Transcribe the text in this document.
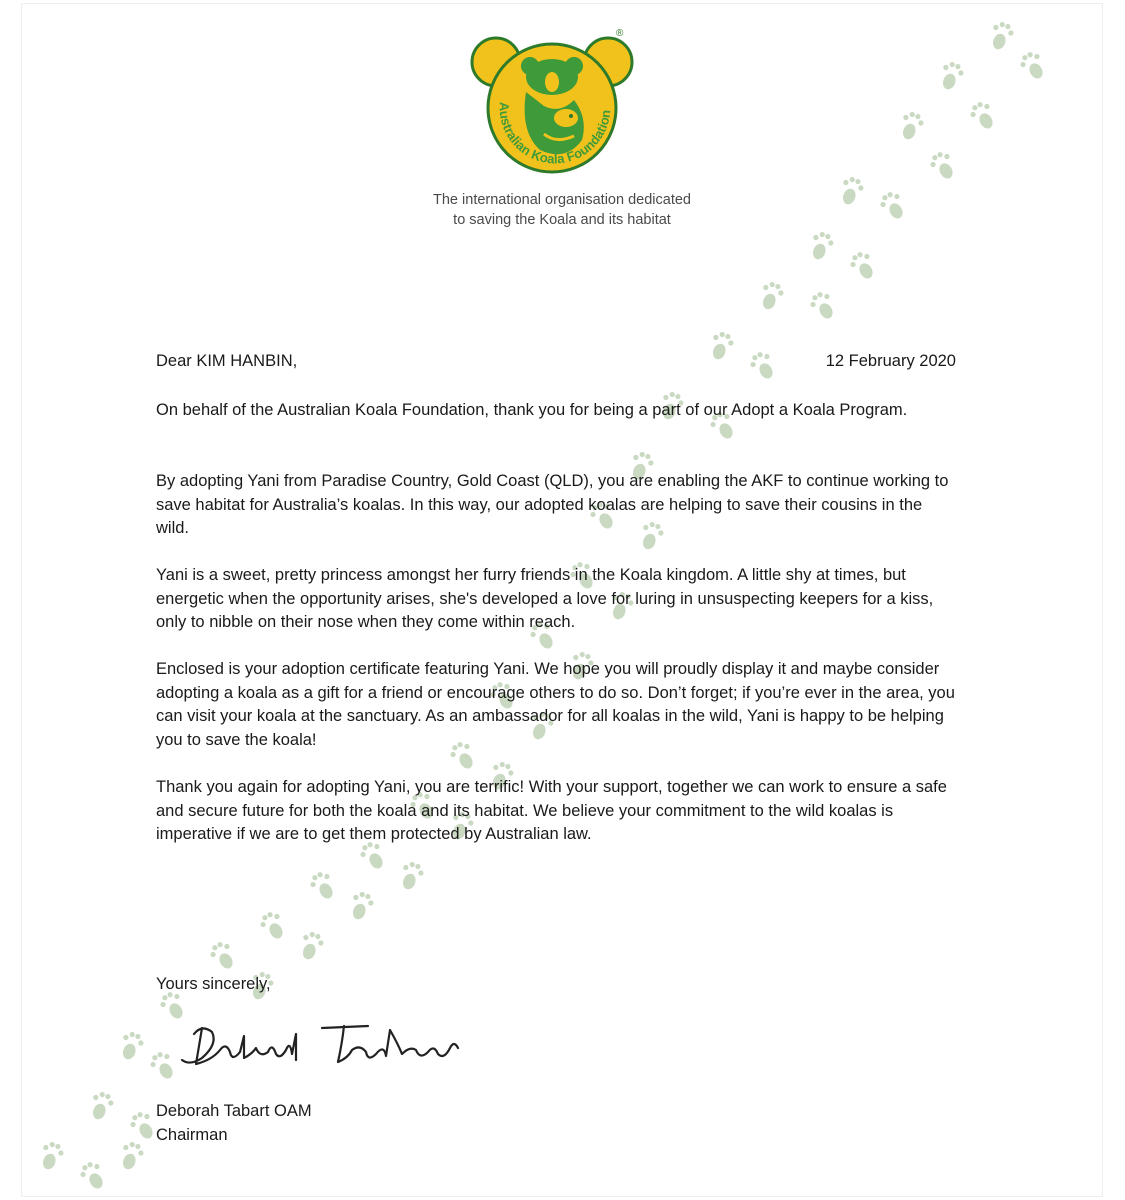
Australian Koala Foundation
®
The international organisation dedicated
to saving the Koala and its habitat

Dear KIM HANBIN,	12 February 2020

On behalf of the Australian Koala Foundation, thank you for being a part of our Adopt a Koala Program.

By adopting Yani from Paradise Country, Gold Coast (QLD), you are enabling the AKF to continue working to save habitat for Australia’s koalas. In this way, our adopted koalas are helping to save their cousins in the wild.

Yani is a sweet, pretty princess amongst her furry friends in the Koala kingdom. A little shy at times, but energetic when the opportunity arises, she's developed a love for luring in unsuspecting keepers for a kiss, only to nibble on their nose when they come within reach.

Enclosed is your adoption certificate featuring Yani. We hope you will proudly display it and maybe consider adopting a koala as a gift for a friend or encourage others to do so. Don’t forget; if you’re ever in the area, you can visit your koala at the sanctuary. As an ambassador for all koalas in the wild, Yani is happy to be helping you to save the koala!

Thank you again for adopting Yani, you are terrific! With your support, together we can work to ensure a safe and secure future for both the koala and its habitat. We believe your commitment to the wild koalas is imperative if we are to get them protected by Australian law.

Yours sincerely,

Deborah Tabart OAM

Chairman
